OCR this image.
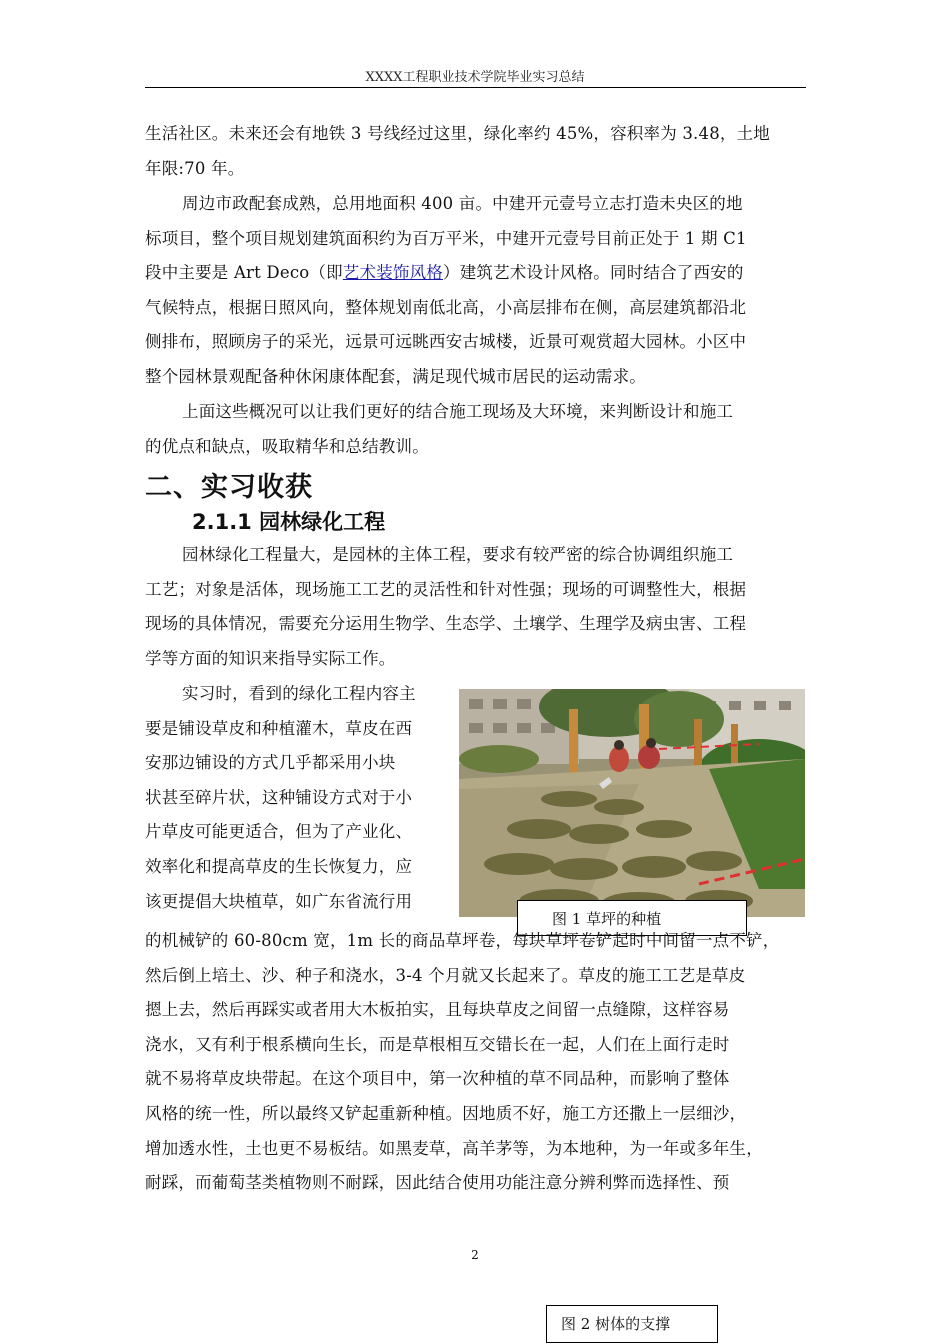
XXXX工程职业技术学院毕业实习总结
生活社区。未来还会有地铁 3 号线经过这里，绿化率约 45%，容积率为 3.48，土地
年限:70 年。
周边市政配套成熟，总用地面积 400 亩。中建开元壹号立志打造未央区的地
标项目，整个项目规划建筑面积约为百万平米，中建开元壹号目前正处于 1 期 C1
段中主要是 Art Deco（即艺术装饰风格）建筑艺术设计风格。同时结合了西安的
气候特点，根据日照风向，整体规划南低北高，小高层排布在侧，高层建筑都沿北
侧排布，照顾房子的采光，远景可远眺西安古城楼，近景可观赏超大园林。小区中
整个园林景观配备种休闲康体配套，满足现代城市居民的运动需求。
上面这些概况可以让我们更好的结合施工现场及大环境，来判断设计和施工
的优点和缺点，吸取精华和总结教训。
二、实习收获
2.1.1 园林绿化工程
园林绿化工程量大，是园林的主体工程，要求有较严密的综合协调组织施工
工艺；对象是活体，现场施工工艺的灵活性和针对性强；现场的可调整性大，根据
现场的具体情况，需要充分运用生物学、生态学、土壤学、生理学及病虫害、工程
学等方面的知识来指导实际工作。
实习时，看到的绿化工程内容主
要是铺设草皮和种植灌木，草皮在西
安那边铺设的方式几乎都采用小块
状甚至碎片状，这种铺设方式对于小
片草皮可能更适合，但为了产业化、
效率化和提高草皮的生长恢复力，应
该更提倡大块植草，如广东省流行用
图 1 草坪的种植
的机械铲的 60-80cm 宽，1m 长的商品草坪卷，每块草坪卷铲起时中间留一点不铲，
然后倒上培土、沙、种子和浇水，3-4 个月就又长起来了。草皮的施工工艺是草皮
摁上去，然后再踩实或者用大木板拍实，且每块草皮之间留一点缝隙，这样容易
浇水，又有利于根系横向生长，而是草根相互交错长在一起，人们在上面行走时
就不易将草皮块带起。在这个项目中，第一次种植的草不同品种，而影响了整体
风格的统一性，所以最终又铲起重新种植。因地质不好，施工方还撒上一层细沙，
增加透水性，土也更不易板结。如黑麦草，高羊茅等，为本地种，为一年或多年生，
耐踩，而葡萄茎类植物则不耐踩，因此结合使用功能注意分辨利弊而选择性、预
2
图 2 树体的支撑
